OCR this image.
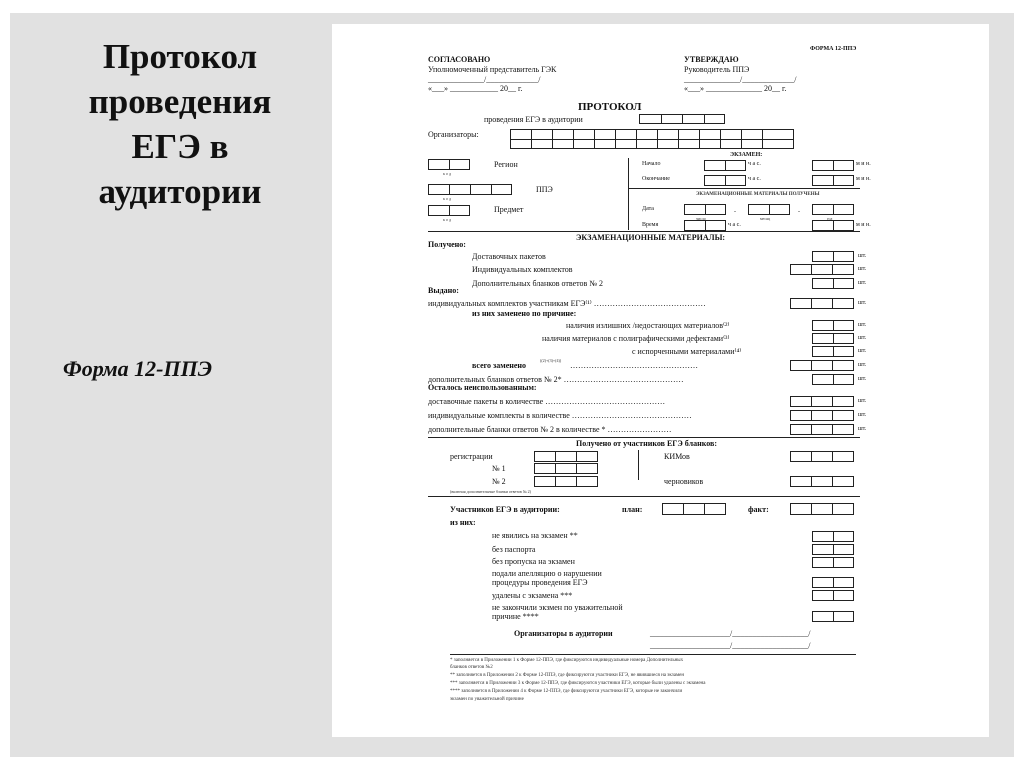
Протокол проведения ЕГЭ в аудитории
Форма 12-ППЭ
ФОРМА 12-ППЭ
СОГЛАСОВАНО
Уполномоченный представитель ГЭК
______________/_____________/
«___» ____________ 20__ г.
УТВЕРЖДАЮ
Руководитель ППЭ
______________/_____________/
«___» ______________ 20__ г.
ПРОТОКОЛ
проведения ЕГЭ в аудитории
Организаторы:
к о д
Регион
к о д
ППЭ
к о д
Предмет
ЭКЗАМЕН:
Начало	ч а с.	м и н.
Окончание	ч а с.	м и н.
ЭКЗАМЕНАЦИОННЫЕ МАТЕРИАЛЫ ПОЛУЧЕНЫ
Дата
число
.
месяц
.
год
Время	ч а с.	м и н.
ЭКЗАМЕНАЦИОННЫЕ МАТЕРИАЛЫ:
Получено:
Доставочных пакетов	шт.
Индивидуальных комплектов	шт.
Дополнительных бланков ответов № 2	шт.
Выдано:
индивидуальных комплектов участникам ЕГЭ⁽¹⁾ ……………………………………	шт.
из них заменено по причине:
наличия излишних /недостающих материалов⁽²⁾	шт.
наличия материалов с полиграфическими дефектами⁽³⁾	шт.
с испорченными материалами⁽⁴⁾	шт.
всего заменено
((2)+(3)+(4))
…………………………………………	шт.
дополнительных бланков ответов № 2* ………………………………………	шт.
Осталось неиспользованным:
доставочные пакеты в количестве ………………………………………	шт.
индивидуальные комплекты в количестве ………………………………………	шт.
дополнительные бланки ответов № 2 в количестве * ……………………	шт.
Получено от участников ЕГЭ бланков:
регистрации
№ 1
№ 2
(включая дополнительные бланки ответов № 2)
КИМов
черновиков
Участников ЕГЭ в аудитории:	план:	факт:
из них:
не явились на экзамен **
без паспорта
без пропуска на экзамен
подали апелляцию о нарушении
процедуры проведения ЕГЭ
удалены с экзамена ***
не закончили экзмен по уважительной
причине ****
Организаторы в аудитории	____________________/___________________/
____________________/___________________/
* заполняется в Приложении 1 к Форме 12-ППЭ, где фиксируются индивидуальные номера Дополнительных
бланков ответов №2
** заполняется в Приложении 2 к Форме 12-ППЭ, где фиксируются участники ЕГЭ, не явившиеся на экзамен
*** заполняется в Приложении 3 к Форме 12-ППЭ, где фиксируются участники ЕГЭ, которые были удалены с экзамена
**** заполняется в Приложении 4 к Форме 12-ППЭ, где фиксируются участники ЕГЭ, которые не закончили
экзамен по уважительной причине
